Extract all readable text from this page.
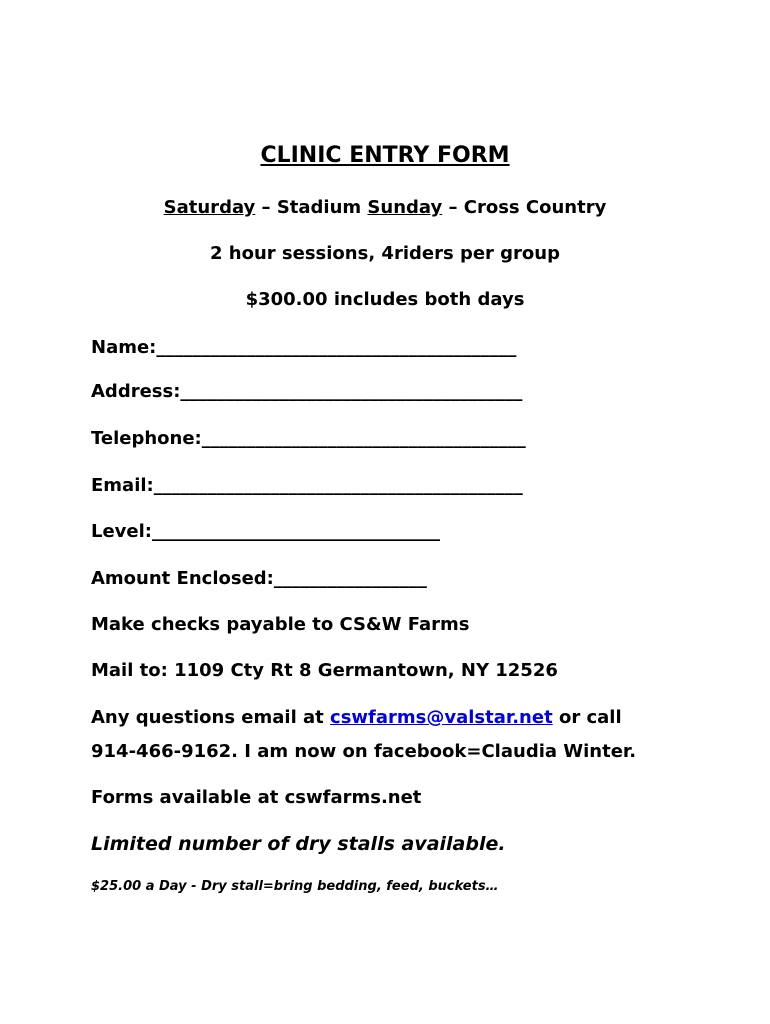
CLINIC ENTRY FORM
Saturday – Stadium Sunday – Cross Country
2 hour sessions, 4riders per group
$300.00 includes both days
Name:________________________________________
Address:______________________________________
Telephone:____________________________________
Email:_________________________________________
Level:________________________________
Amount Enclosed:_________________
Make checks payable to CS&W Farms
Mail to: 1109 Cty Rt 8 Germantown, NY 12526
Any questions email at cswfarms@valstar.net or call
914-466-9162. I am now on facebook=Claudia Winter.
Forms available at cswfarms.net
Limited number of dry stalls available.
$25.00 a Day - Dry stall=bring bedding, feed, buckets…
